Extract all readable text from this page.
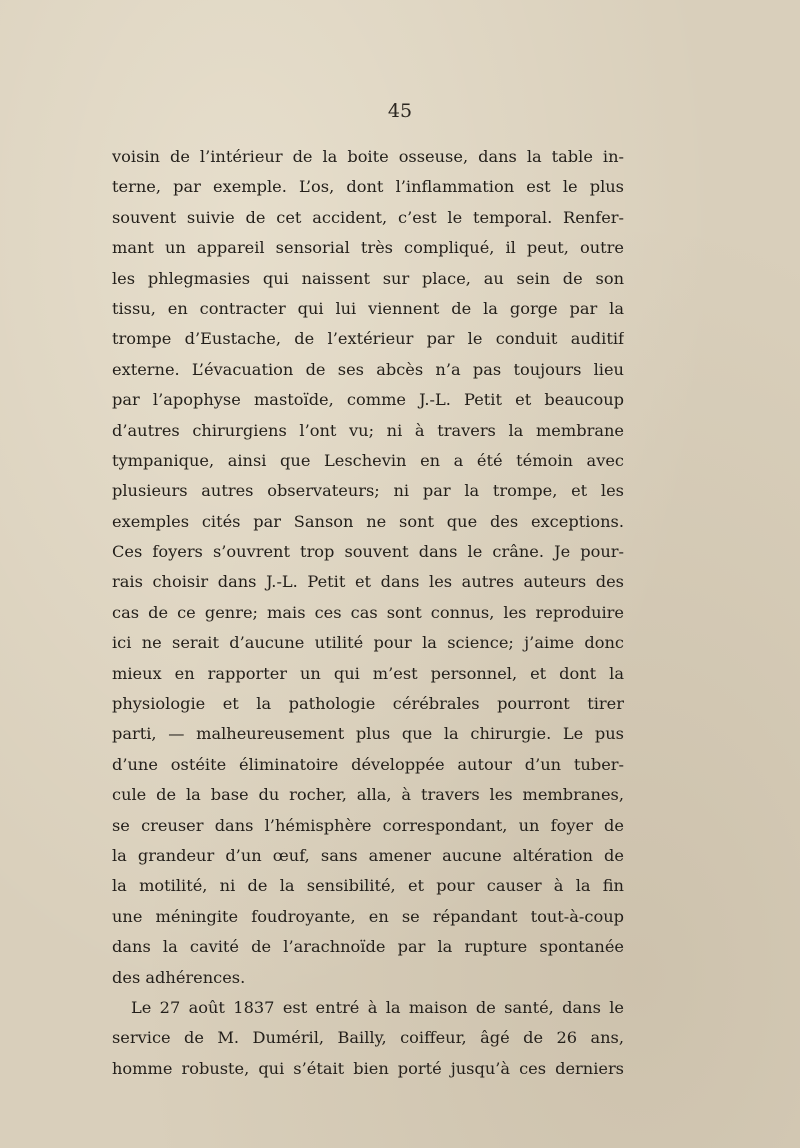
45
voisin de l’intérieur de la boite osseuse, dans la table in-
terne, par exemple. L’os, dont l’inflammation est le plus
souvent suivie de cet accident, c’est le temporal. Renfer-
mant un appareil sensorial très compliqué, il peut, outre
les phlegmasies qui naissent sur place, au sein de son
tissu, en contracter qui lui viennent de la gorge par la
trompe d’Eustache, de l’extérieur par le conduit auditif
externe. L’évacuation de ses abcès n’a pas toujours lieu
par l’apophyse mastoïde, comme J.-L. Petit et beaucoup
d’autres chirurgiens l’ont vu; ni à travers la membrane
tympanique, ainsi que Leschevin en a été témoin avec
plusieurs autres observateurs; ni par la trompe, et les
exemples cités par Sanson ne sont que des exceptions.
Ces foyers s’ouvrent trop souvent dans le crâne. Je pour-
rais choisir dans J.-L. Petit et dans les autres auteurs des
cas de ce genre; mais ces cas sont connus, les reproduire
ici ne serait d’aucune utilité pour la science; j’aime donc
mieux en rapporter un qui m’est personnel, et dont la
physiologie et la pathologie cérébrales pourront tirer
parti, — malheureusement plus que la chirurgie. Le pus
d’une ostéite éliminatoire développée autour d’un tuber-
cule de la base du rocher, alla, à travers les membranes,
se creuser dans l’hémisphère correspondant, un foyer de
la grandeur d’un œuf, sans amener aucune altération de
la motilité, ni de la sensibilité, et pour causer à la fin
une méningite foudroyante, en se répandant tout-à-coup
dans la cavité de l’arachnoïde par la rupture spontanée
des adhérences.
Le 27 août 1837 est entré à la maison de santé, dans le
service de M. Duméril, Bailly, coiffeur, âgé de 26 ans,
homme robuste, qui s’était bien porté jusqu’à ces derniers
